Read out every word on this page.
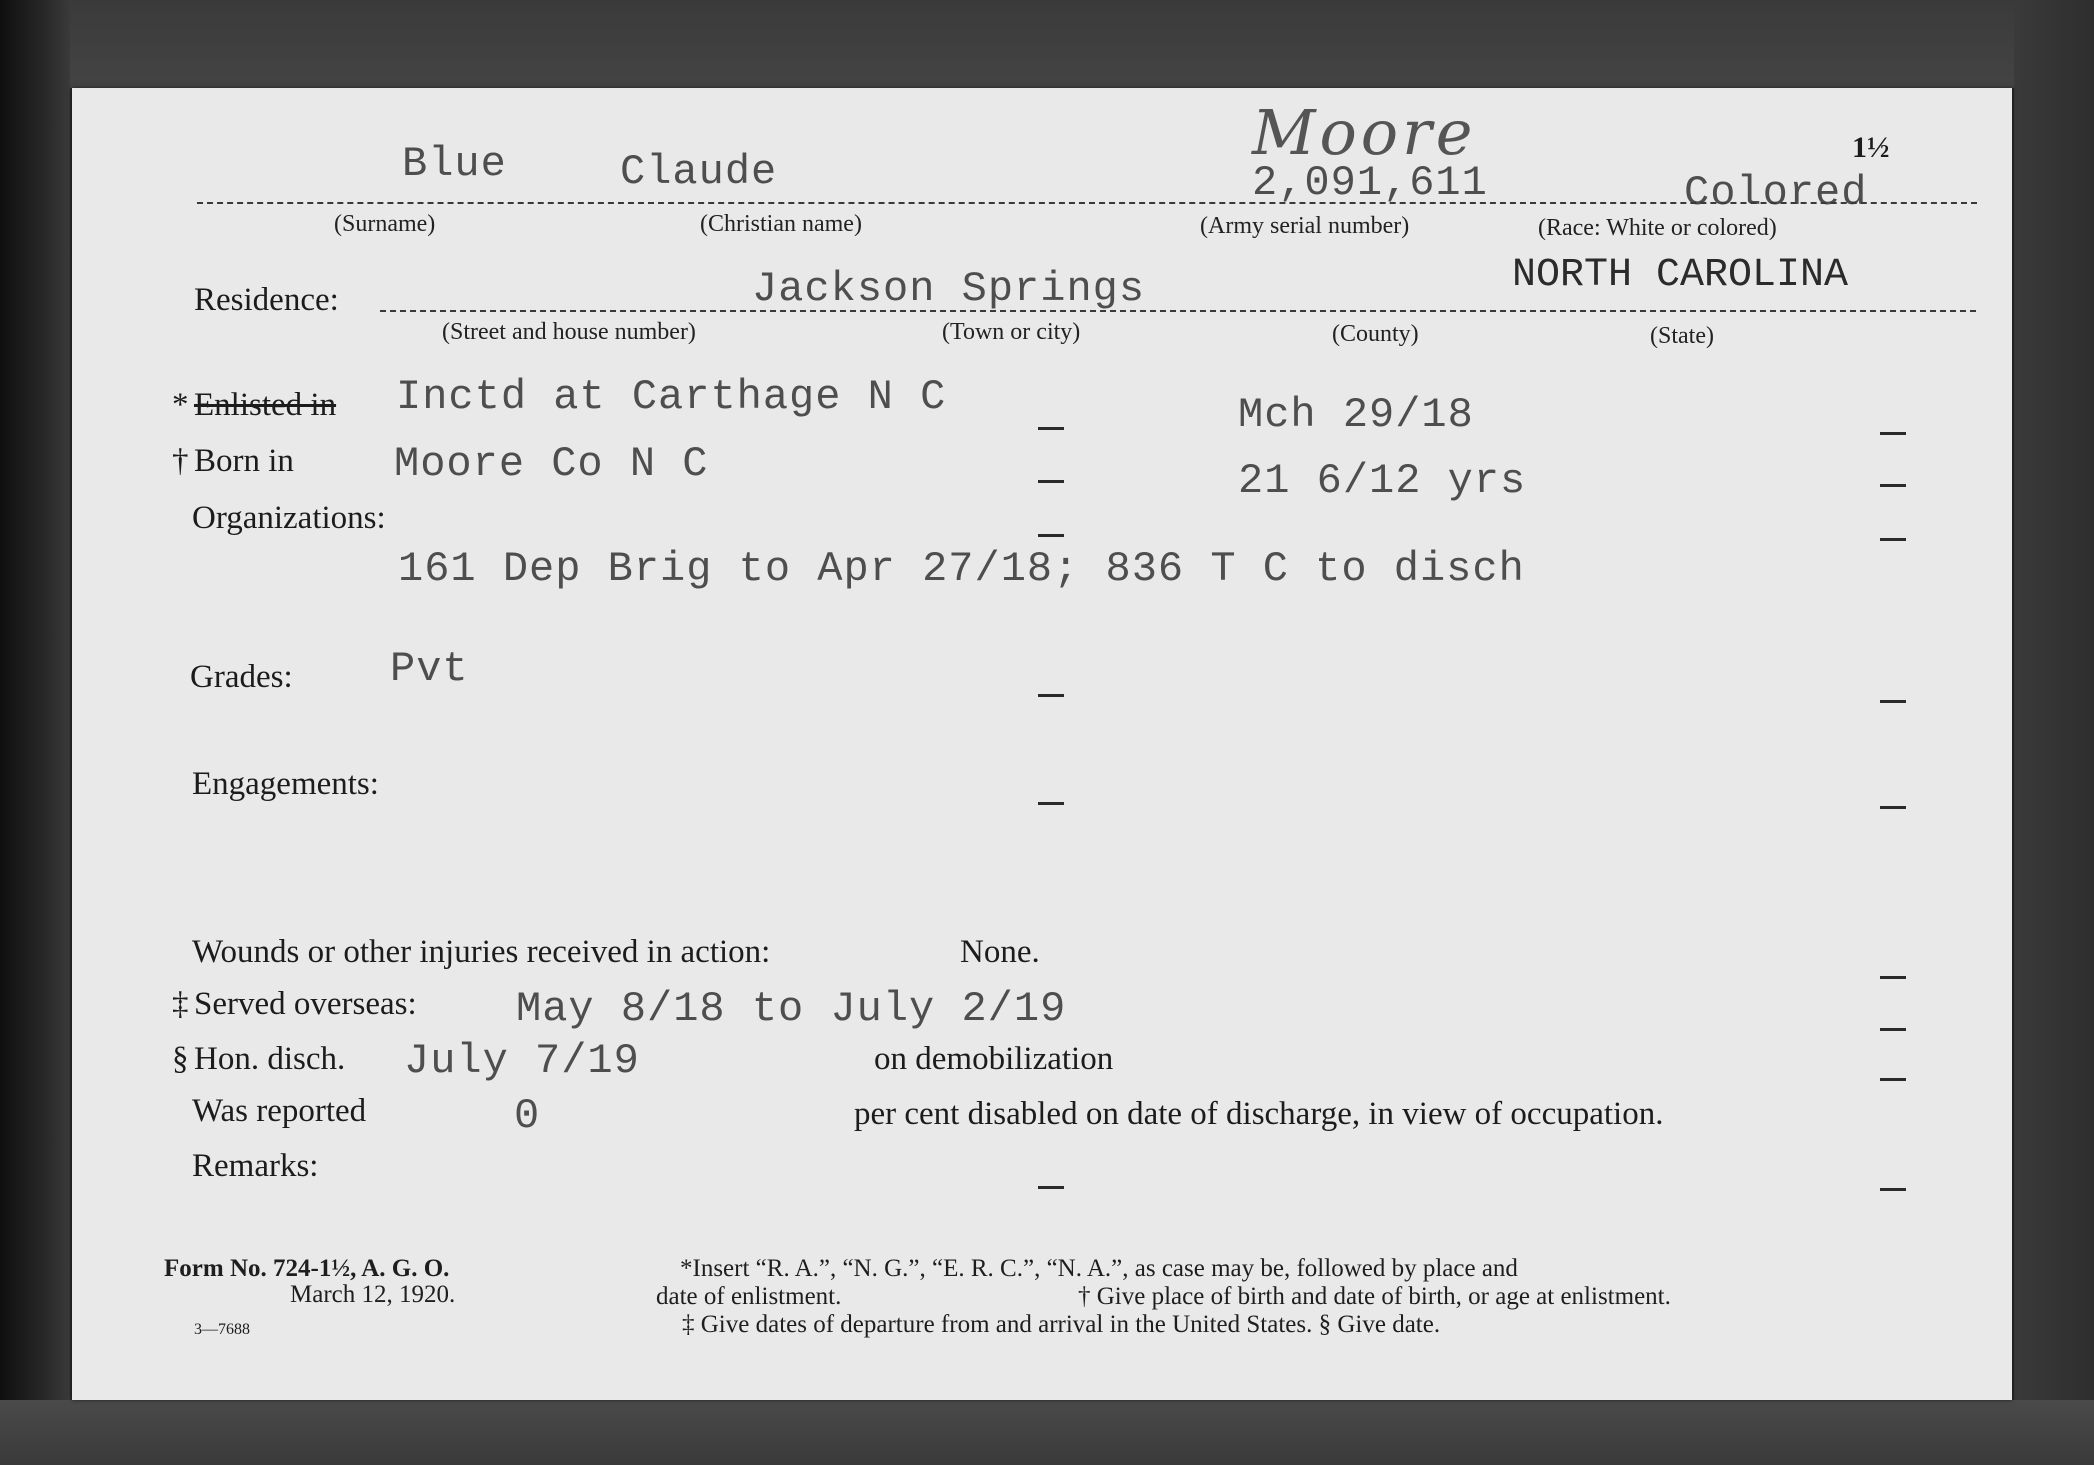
Moore	1½
Blue	Claude	2,091,611	Colored
(Surname)	(Christian name)	(Army serial number)	(Race: White or colored)
Residence:	Jackson Springs	NORTH CAROLINA
(Street and house number)	(Town or city)	(County)	(State)
* Enlisted in Inctd at Carthage N C	Mch 29/18
† Born in Moore Co N C	21 6/12 yrs
Organizations:
161 Dep Brig to Apr 27/18; 836 T C to disch
Grades: Pvt
Engagements:
Wounds or other injuries received in action:	None.
‡ Served overseas: May 8/18 to July 2/19
§ Hon. disch. July 7/19	on demobilization
Was reported	0	per cent disabled on date of discharge, in view of occupation.
Remarks:
Form No. 724-1½, A. G. O.
March 12, 1920.
3—7688
*Insert “R. A.”, “N. G.”, “E. R. C.”, “N. A.”, as case may be, followed by place and
date of enlistment.	† Give place of birth and date of birth, or age at enlistment.
‡ Give dates of departure from and arrival in the United States. § Give date.
